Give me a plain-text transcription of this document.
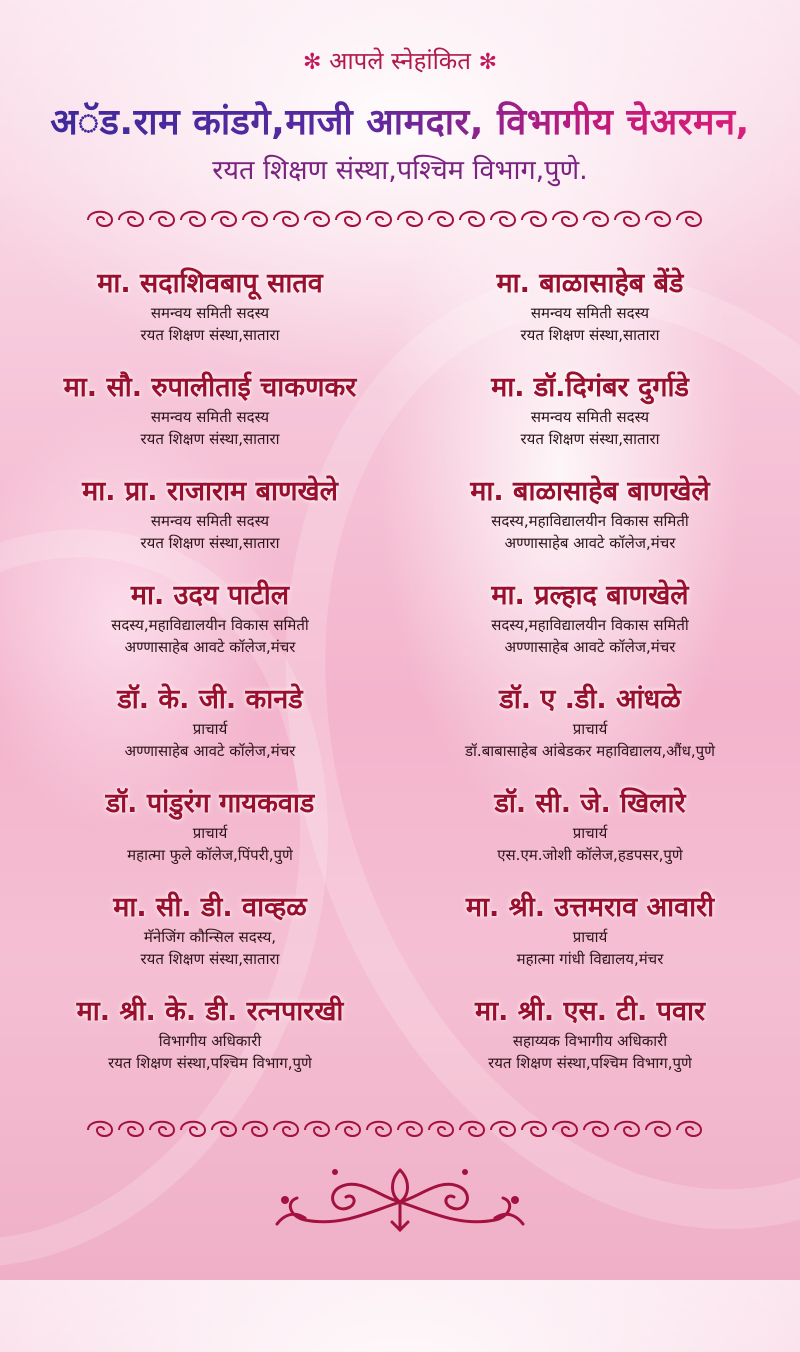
✻ आपले स्नेहांकित ✻
अॅड.राम कांडगे,माजी आमदार, विभागीय चेअरमन,
रयत शिक्षण संस्था,पश्चिम विभाग,पुणे.
मा. सदाशिवबापू सातव
समन्वय समिती सदस्य
रयत शिक्षण संस्था,सातारा
मा. सौ. रुपालीताई चाकणकर
समन्वय समिती सदस्य
रयत शिक्षण संस्था,सातारा
मा. प्रा. राजाराम बाणखेले
समन्वय समिती सदस्य
रयत शिक्षण संस्था,सातारा
मा. उदय पाटील
सदस्य,महाविद्यालयीन विकास समिती
अण्णासाहेब आवटे कॉलेज,मंचर
डॉ. के. जी. कानडे
प्राचार्य
अण्णासाहेब आवटे कॉलेज,मंचर
डॉ. पांडुरंग गायकवाड
प्राचार्य
महात्मा फुले कॉलेज,पिंपरी,पुणे
मा. सी. डी. वाव्हळ
मॅनेजिंग कौन्सिल सदस्य,
रयत शिक्षण संस्था,सातारा
मा. श्री. के. डी. रत्नपारखी
विभागीय अधिकारी
रयत शिक्षण संस्था,पश्चिम विभाग,पुणे
मा. बाळासाहेब बेंडे
समन्वय समिती सदस्य
रयत शिक्षण संस्था,सातारा
मा. डॉ.दिगंबर दुर्गाडे
समन्वय समिती सदस्य
रयत शिक्षण संस्था,सातारा
मा. बाळासाहेब बाणखेले
सदस्य,महाविद्यालयीन विकास समिती
अण्णासाहेब आवटे कॉलेज,मंचर
मा. प्रल्हाद बाणखेले
सदस्य,महाविद्यालयीन विकास समिती
अण्णासाहेब आवटे कॉलेज,मंचर
डॉ. ए .डी. आंधळे
प्राचार्य
डॉ.बाबासाहेब आंबेडकर महाविद्यालय,औंध,पुणे
डॉ. सी. जे. खिलारे
प्राचार्य
एस.एम.जोशी कॉलेज,हडपसर,पुणे
मा. श्री. उत्तमराव आवारी
प्राचार्य
महात्मा गांधी विद्यालय,मंचर
मा. श्री. एस. टी. पवार
सहाय्यक विभागीय अधिकारी
रयत शिक्षण संस्था,पश्चिम विभाग,पुणे
